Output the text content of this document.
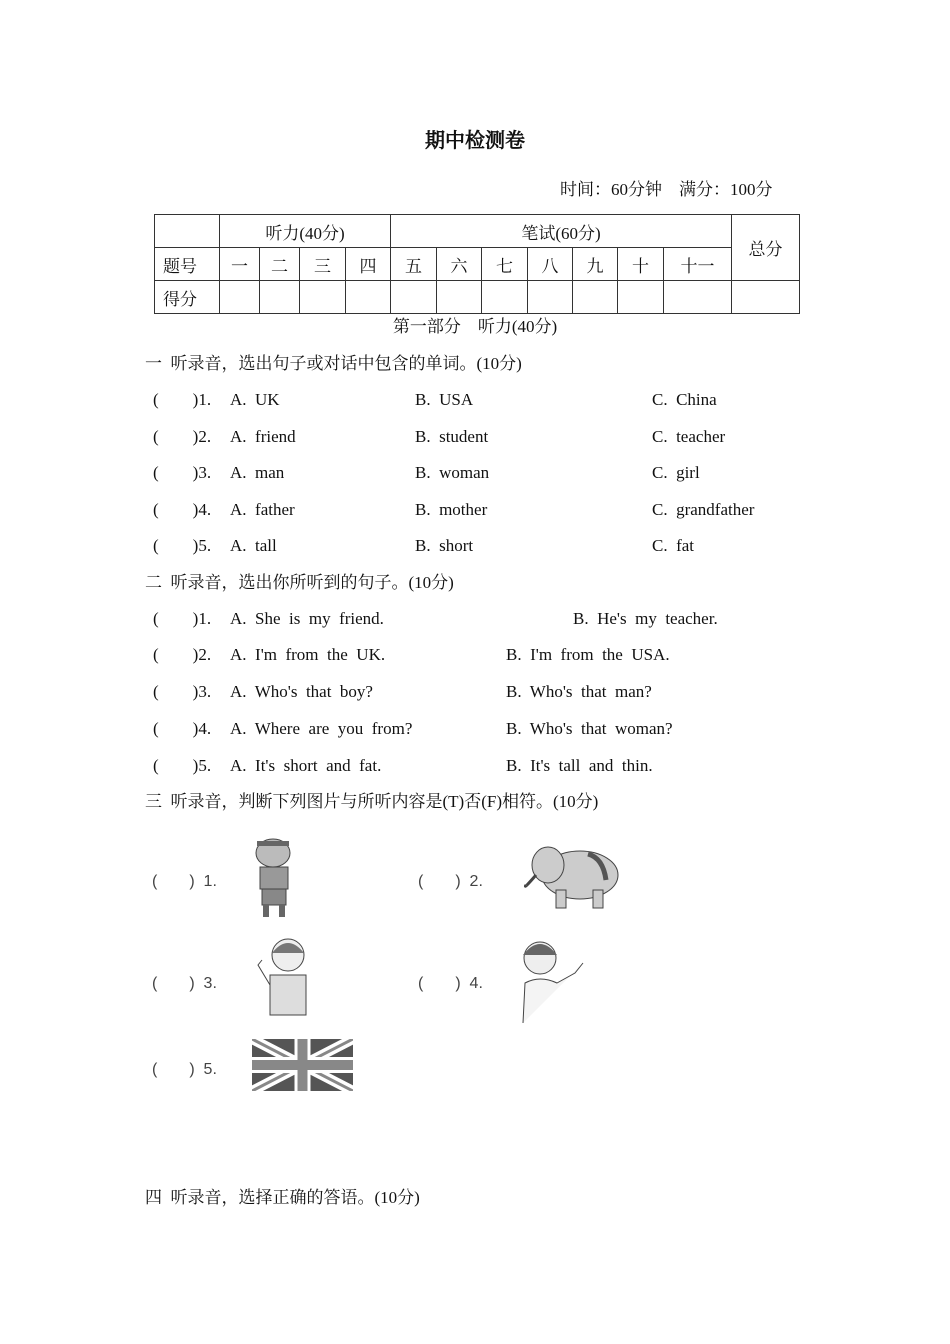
期中检测卷
时间：60分钟　满分：100分
	听力(40分)				笔试(60分)							总分
题号	一	二	三	四	五	六	七	八	九	十	十一	
得分												
第一部分　听力(40分)
一  听录音，选出句子或对话中包含的单词。(10分)
二  听录音，选出你所听到的句子。(10分)
三  听录音，判断下列图片与所听内容是(T)否(F)相符。(10分)
(　　)  1.	(　　)  2.
(　　)  3.	(　　)  4.
(　　)  5.
四  听录音，选择正确的答语。(10分)
(　　)1. A.  UK	B.  USA	C.  China
(　　)2. A.  friend	B.  student	C.  teacher
(　　)3. A.  man	B.  woman	C.  girl
(　　)4. A.  father	B.  mother	C.  grandfather
(　　)5. A.  tall	B.  short	C.  fat
(　　)1. A.  She  is  my  friend.	B.  He's  my  teacher.
(　　)2. A.  I'm  from  the  UK.	B.  I'm  from  the  USA.
(　　)3. A.  Who's  that  boy?	B.  Who's  that  man?
(　　)4. A.  Where  are  you  from?	B.  Who's  that  woman?
(　　)5. A.  It's  short  and  fat.	B.  It's  tall  and  thin.
